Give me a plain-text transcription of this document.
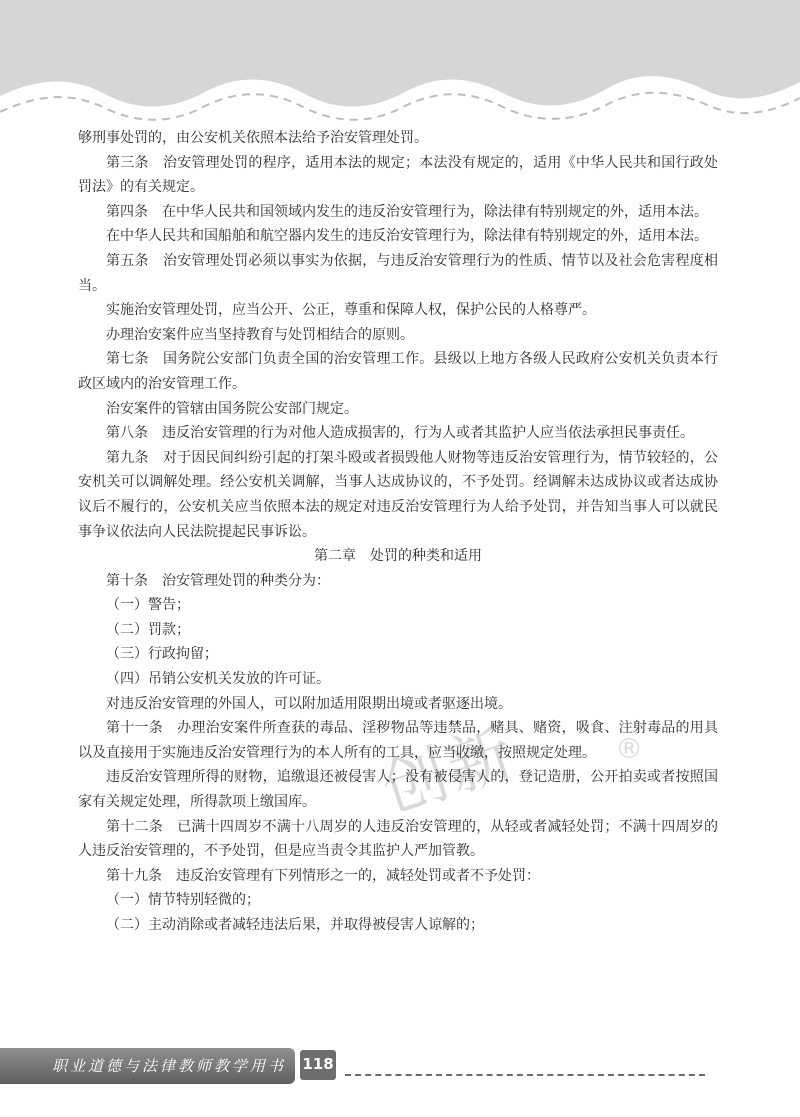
创新	®

够刑事处罚的，由公安机关依照本法给予治安管理处罚。

第三条　治安管理处罚的程序，适用本法的规定；本法没有规定的，适用《中华人民共和国行政处罚法》的有关规定。

第四条　在中华人民共和国领域内发生的违反治安管理行为，除法律有特别规定的外，适用本法。

在中华人民共和国船舶和航空器内发生的违反治安管理行为，除法律有特别规定的外，适用本法。

第五条　治安管理处罚必须以事实为依据，与违反治安管理行为的性质、情节以及社会危害程度相当。

实施治安管理处罚，应当公开、公正，尊重和保障人权，保护公民的人格尊严。

办理治安案件应当坚持教育与处罚相结合的原则。

第七条　国务院公安部门负责全国的治安管理工作。县级以上地方各级人民政府公安机关负责本行政区域内的治安管理工作。

治安案件的管辖由国务院公安部门规定。

第八条　违反治安管理的行为对他人造成损害的，行为人或者其监护人应当依法承担民事责任。

第九条　对于因民间纠纷引起的打架斗殴或者损毁他人财物等违反治安管理行为，情节较轻的，公安机关可以调解处理。经公安机关调解，当事人达成协议的，不予处罚。经调解未达成协议或者达成协议后不履行的，公安机关应当依照本法的规定对违反治安管理行为人给予处罚，并告知当事人可以就民事争议依法向人民法院提起民事诉讼。

第二章　处罚的种类和适用

第十条　治安管理处罚的种类分为：

（一）警告；

（二）罚款；

（三）行政拘留；

（四）吊销公安机关发放的许可证。

对违反治安管理的外国人，可以附加适用限期出境或者驱逐出境。

第十一条　办理治安案件所查获的毒品、淫秽物品等违禁品，赌具、赌资，吸食、注射毒品的用具以及直接用于实施违反治安管理行为的本人所有的工具，应当收缴，按照规定处理。

违反治安管理所得的财物，追缴退还被侵害人；没有被侵害人的，登记造册，公开拍卖或者按照国家有关规定处理，所得款项上缴国库。

第十二条　已满十四周岁不满十八周岁的人违反治安管理的，从轻或者减轻处罚；不满十四周岁的人违反治安管理的，不予处罚，但是应当责令其监护人严加管教。

第十九条　违反治安管理有下列情形之一的，减轻处罚或者不予处罚：

（一）情节特别轻微的；

（二）主动消除或者减轻违法后果，并取得被侵害人谅解的；

职业道德与法律教师教学用书 118
